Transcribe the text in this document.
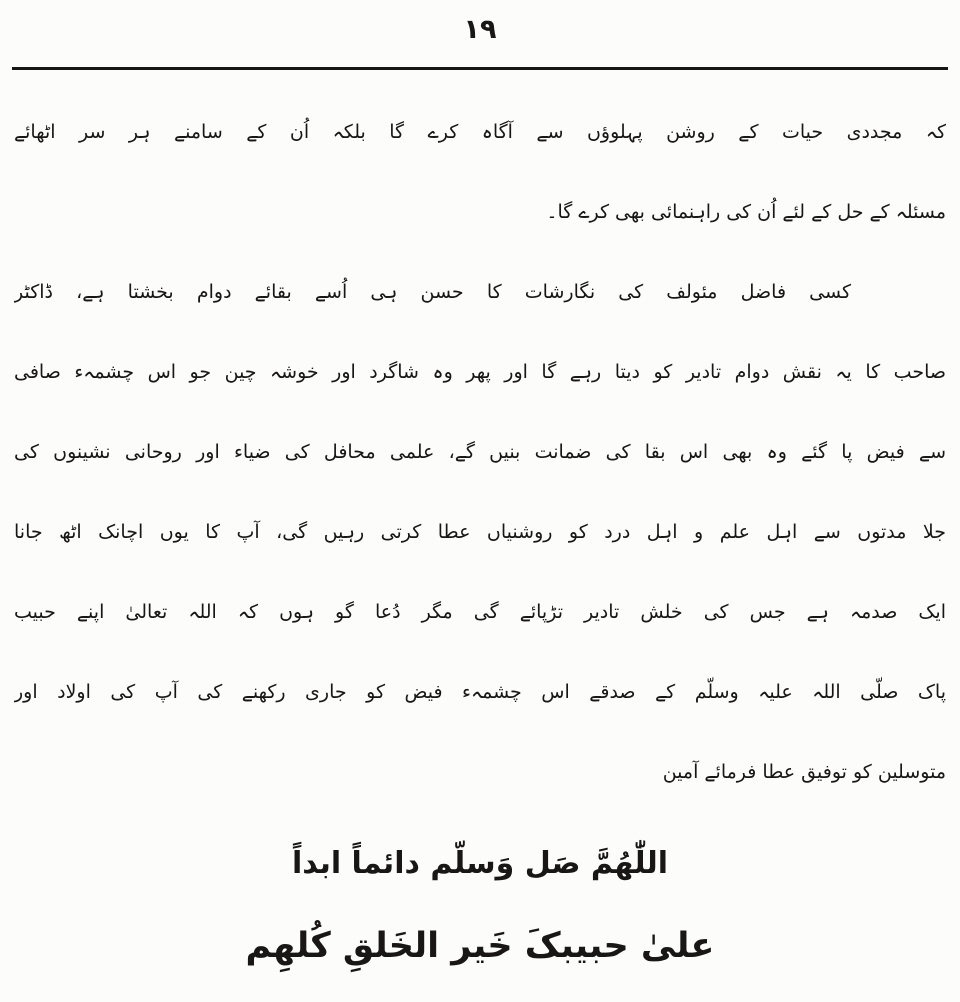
۱۹
کہ مجددی حیات کے روشن پہلوؤں سے آگاہ کرے گا بلکہ اُن کے سامنے ہر سر اٹھائے
مسئلہ کے حل کے لئے اُن کی راہنمائی بھی کرے گا۔
کسی فاضل مئولف کی نگارشات کا حسن ہی اُسے بقائے دوام بخشتا ہے، ڈاکٹر
صاحب کا یہ نقش دوام تادیر کو دیتا رہے گا اور پھر وہ شاگرد اور خوشہ چین جو اس چشمہء صافی
سے فیض پا گئے وہ بھی اس بقا کی ضمانت بنیں گے، علمی محافل کی ضیاء اور روحانی نشینوں کی
جلا مدتوں سے اہل علم و اہل درد کو روشنیاں عطا کرتی رہیں گی، آپ کا یوں اچانک اٹھ جانا
ایک صدمہ ہے جس کی خلش تادیر تڑپائے گی مگر دُعا گو ہوں کہ اللہ تعالیٰ اپنے حبیب
پاک صلّی اللہ علیہ وسلّم کے صدقے اس چشمہء فیض کو جاری رکھنے کی آپ کی اولاد اور
متوسلین کو توفیق عطا فرمائے آمین
اللّٰهُمَّ صَل وَسلّم دائماً ابداً
علیٰ حبیبکَ خَیر الخَلقِ کُلھِم
